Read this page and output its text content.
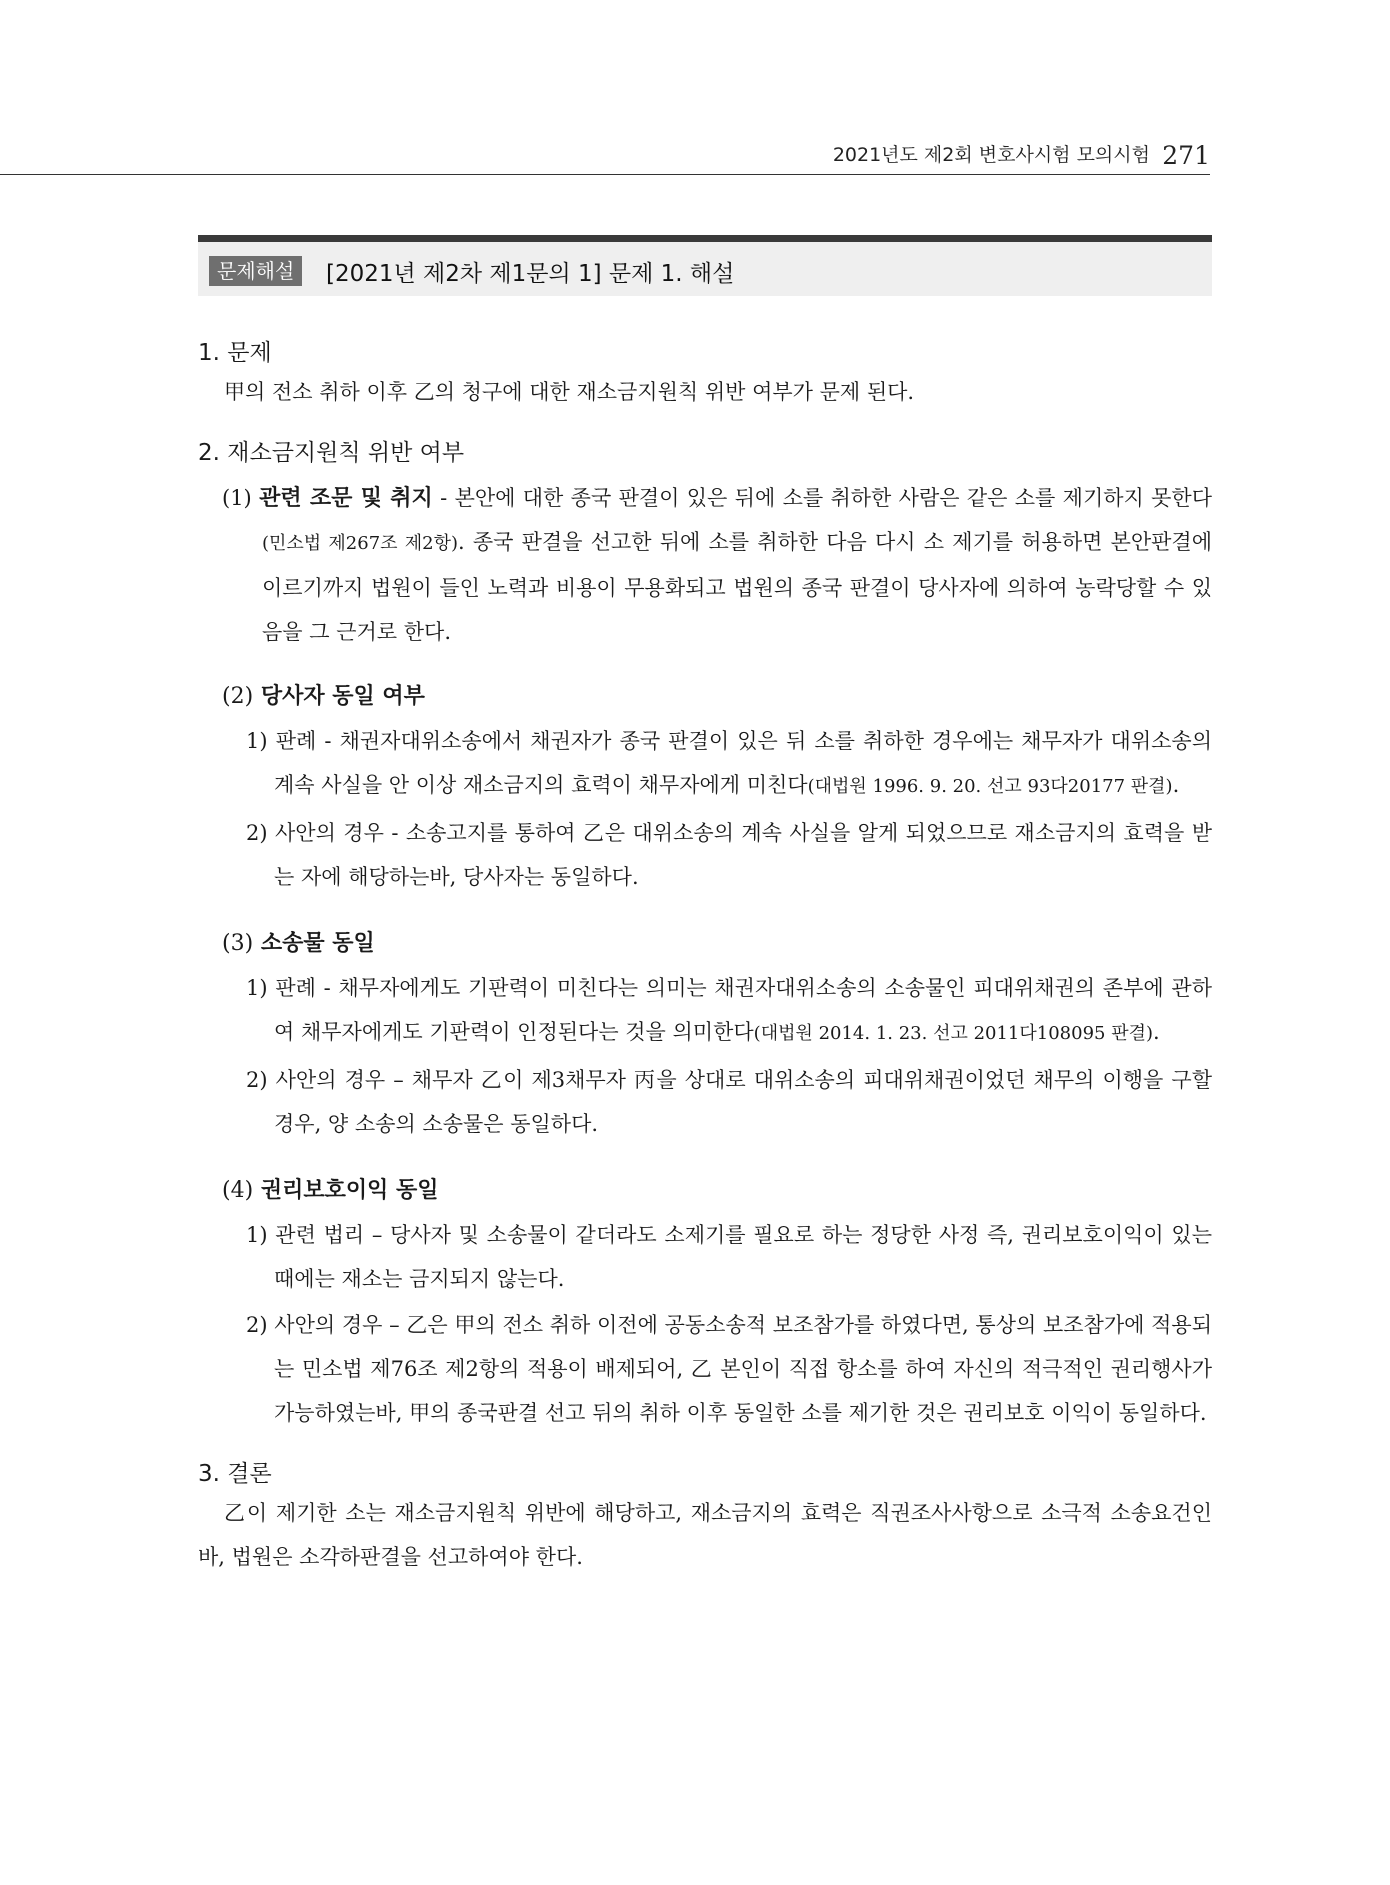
2021년도 제2회 변호사시험 모의시험 271
문제해설	[2021년 제2차 제1문의 1] 문제 1. 해설

1. 문제

甲의 전소 취하 이후 乙의 청구에 대한 재소금지원칙 위반 여부가 문제 된다.

2. 재소금지원칙 위반 여부

(1) 관련 조문 및 취지 - 본안에 대한 종국 판결이 있은 뒤에 소를 취하한 사람은 같은 소를 제기하지 못한다(민소법 제267조 제2항). 종국 판결을 선고한 뒤에 소를 취하한 다음 다시 소 제기를 허용하면 본안판결에 이르기까지 법원이 들인 노력과 비용이 무용화되고 법원의 종국 판결이 당사자에 의하여 농락당할 수 있음을 그 근거로 한다.

(2) 당사자 동일 여부

1) 판례 - 채권자대위소송에서 채권자가 종국 판결이 있은 뒤 소를 취하한 경우에는 채무자가 대위소송의 계속 사실을 안 이상 재소금지의 효력이 채무자에게 미친다(대법원 1996. 9. 20. 선고 93다20177 판결).

2) 사안의 경우 - 소송고지를 통하여 乙은 대위소송의 계속 사실을 알게 되었으므로 재소금지의 효력을 받는 자에 해당하는바, 당사자는 동일하다.

(3) 소송물 동일

1) 판례 - 채무자에게도 기판력이 미친다는 의미는 채권자대위소송의 소송물인 피대위채권의 존부에 관하여 채무자에게도 기판력이 인정된다는 것을 의미한다(대법원 2014. 1. 23. 선고 2011다108095 판결).

2) 사안의 경우 – 채무자 乙이 제3채무자 丙을 상대로 대위소송의 피대위채권이었던 채무의 이행을 구할 경우, 양 소송의 소송물은 동일하다.

(4) 권리보호이익 동일

1) 관련 법리 – 당사자 및 소송물이 같더라도 소제기를 필요로 하는 정당한 사정 즉, 권리보호이익이 있는 때에는 재소는 금지되지 않는다.

2) 사안의 경우 – 乙은 甲의 전소 취하 이전에 공동소송적 보조참가를 하였다면, 통상의 보조참가에 적용되는 민소법 제76조 제2항의 적용이 배제되어, 乙 본인이 직접 항소를 하여 자신의 적극적인 권리행사가 가능하였는바, 甲의 종국판결 선고 뒤의 취하 이후 동일한 소를 제기한 것은 권리보호 이익이 동일하다.

3. 결론

乙이 제기한 소는 재소금지원칙 위반에 해당하고, 재소금지의 효력은 직권조사사항으로 소극적 소송요건인바, 법원은 소각하판결을 선고하여야 한다.
